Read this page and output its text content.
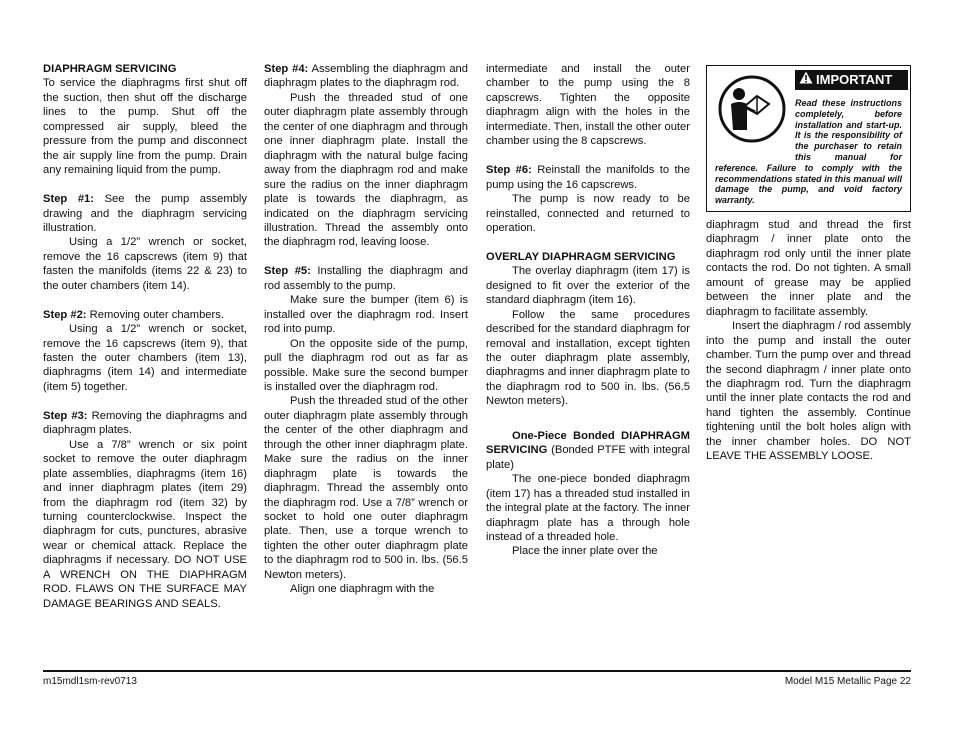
DIAPHRAGM SERVICING

To service the diaphragms first shut off the suction, then shut off the discharge lines to the pump. Shut off the compressed air supply, bleed the pressure from the pump and disconnect the air supply line from the pump. Drain any remaining liquid from the pump.

Step #1: See the pump assembly drawing and the diaphragm servicing illustration.

Using a 1/2” wrench or socket, remove the 16 capscrews (item 9) that fasten the manifolds (items 22 & 23) to the outer chambers (item 14).

Step #2: Removing outer chambers.

Using a 1/2” wrench or socket, remove the 16 capscrews (item 9), that fasten the outer chambers (item 13), diaphragms (item 14) and intermediate (item 5) together.

Step #3: Removing the diaphragms and diaphragm plates.

Use a 7/8” wrench or six point socket to remove the outer diaphragm plate assemblies, diaphragms (item 16) and inner diaphragm plates (item 29) from the diaphragm rod (item 32) by turning counterclockwise. Inspect the diaphragm for cuts, punctures, abrasive wear or chemical attack. Replace the diaphragms if necessary. DO NOT USE A WRENCH ON THE DIAPHRAGM ROD. FLAWS ON THE SURFACE MAY DAMAGE BEARINGS AND SEALS.

Step #4: Assembling the diaphragm and diaphragm plates to the diaphragm rod.

Push the threaded stud of one outer diaphragm plate assembly through the center of one diaphragm and through one inner diaphragm plate. Install the diaphragm with the natural bulge facing away from the diaphragm rod and make sure the radius on the inner diaphragm plate is towards the diaphragm, as indicated on the diaphragm servicing illustration. Thread the assembly onto the diaphragm rod, leaving loose.

Step #5: Installing the diaphragm and rod assembly to the pump.

Make sure the bumper (item 6) is installed over the diaphragm rod. Insert rod into pump.

On the opposite side of the pump, pull the diaphragm rod out as far as possible. Make sure the second bumper is installed over the diaphragm rod.

Push the threaded stud of the other outer diaphragm plate assembly through the center of the other diaphragm and through the other inner diaphragm plate. Make sure the radius on the inner diaphragm plate is towards the diaphragm. Thread the assembly onto the diaphragm rod. Use a 7/8” wrench or socket to hold one outer diaphragm plate. Then, use a torque wrench to tighten the other outer diaphragm plate to the diaphragm rod to 500 in. lbs. (56.5 Newton meters).

Align one diaphragm with the

intermediate and install the outer chamber to the pump using the 8 capscrews. Tighten the opposite diaphragm align with the holes in the intermediate. Then, install the other outer chamber using the 8 capscrews.

Step #6: Reinstall the manifolds to the pump using the 16 capscrews.

The pump is now ready to be reinstalled, connected and returned to operation.

OVERLAY DIAPHRAGM SERVICING

The overlay diaphragm (item 17) is designed to fit over the exterior of the standard diaphragm (item 16).

Follow the same procedures described for the standard diaphragm for removal and installation, except tighten the outer diaphragm plate assembly, diaphragms and inner diaphragm plate to the diaphragm rod to 500 in. lbs. (56.5 Newton meters).

One-Piece Bonded DIAPHRAGM SERVICING (Bonded PTFE with integral plate)

The one-piece bonded diaphragm (item 17) has a threaded stud installed in the integral plate at the factory. The inner diaphragm plate has a through hole instead of a threaded hole.

Place the inner plate over the

IMPORTANT

Read these instructions completely, before installation and start-up. It is the responsibility of the purchaser to retain this manual for reference. Failure to comply with the recommendations stated in this manual will damage the pump, and void factory warranty.

diaphragm stud and thread the first diaphragm / inner plate onto the diaphragm rod only until the inner plate contacts the rod. Do not tighten. A small amount of grease may be applied between the inner plate and the diaphragm to facilitate assembly.

Insert the diaphragm / rod assembly into the pump and install the outer chamber. Turn the pump over and thread the second diaphragm / inner plate onto the diaphragm rod. Turn the diaphragm until the inner plate contacts the rod and hand tighten the assembly. Continue tightening until the bolt holes align with the inner chamber holes. DO NOT LEAVE THE ASSEMBLY LOOSE.

m15mdl1sm-rev0713	Model M15 Metallic Page 22
